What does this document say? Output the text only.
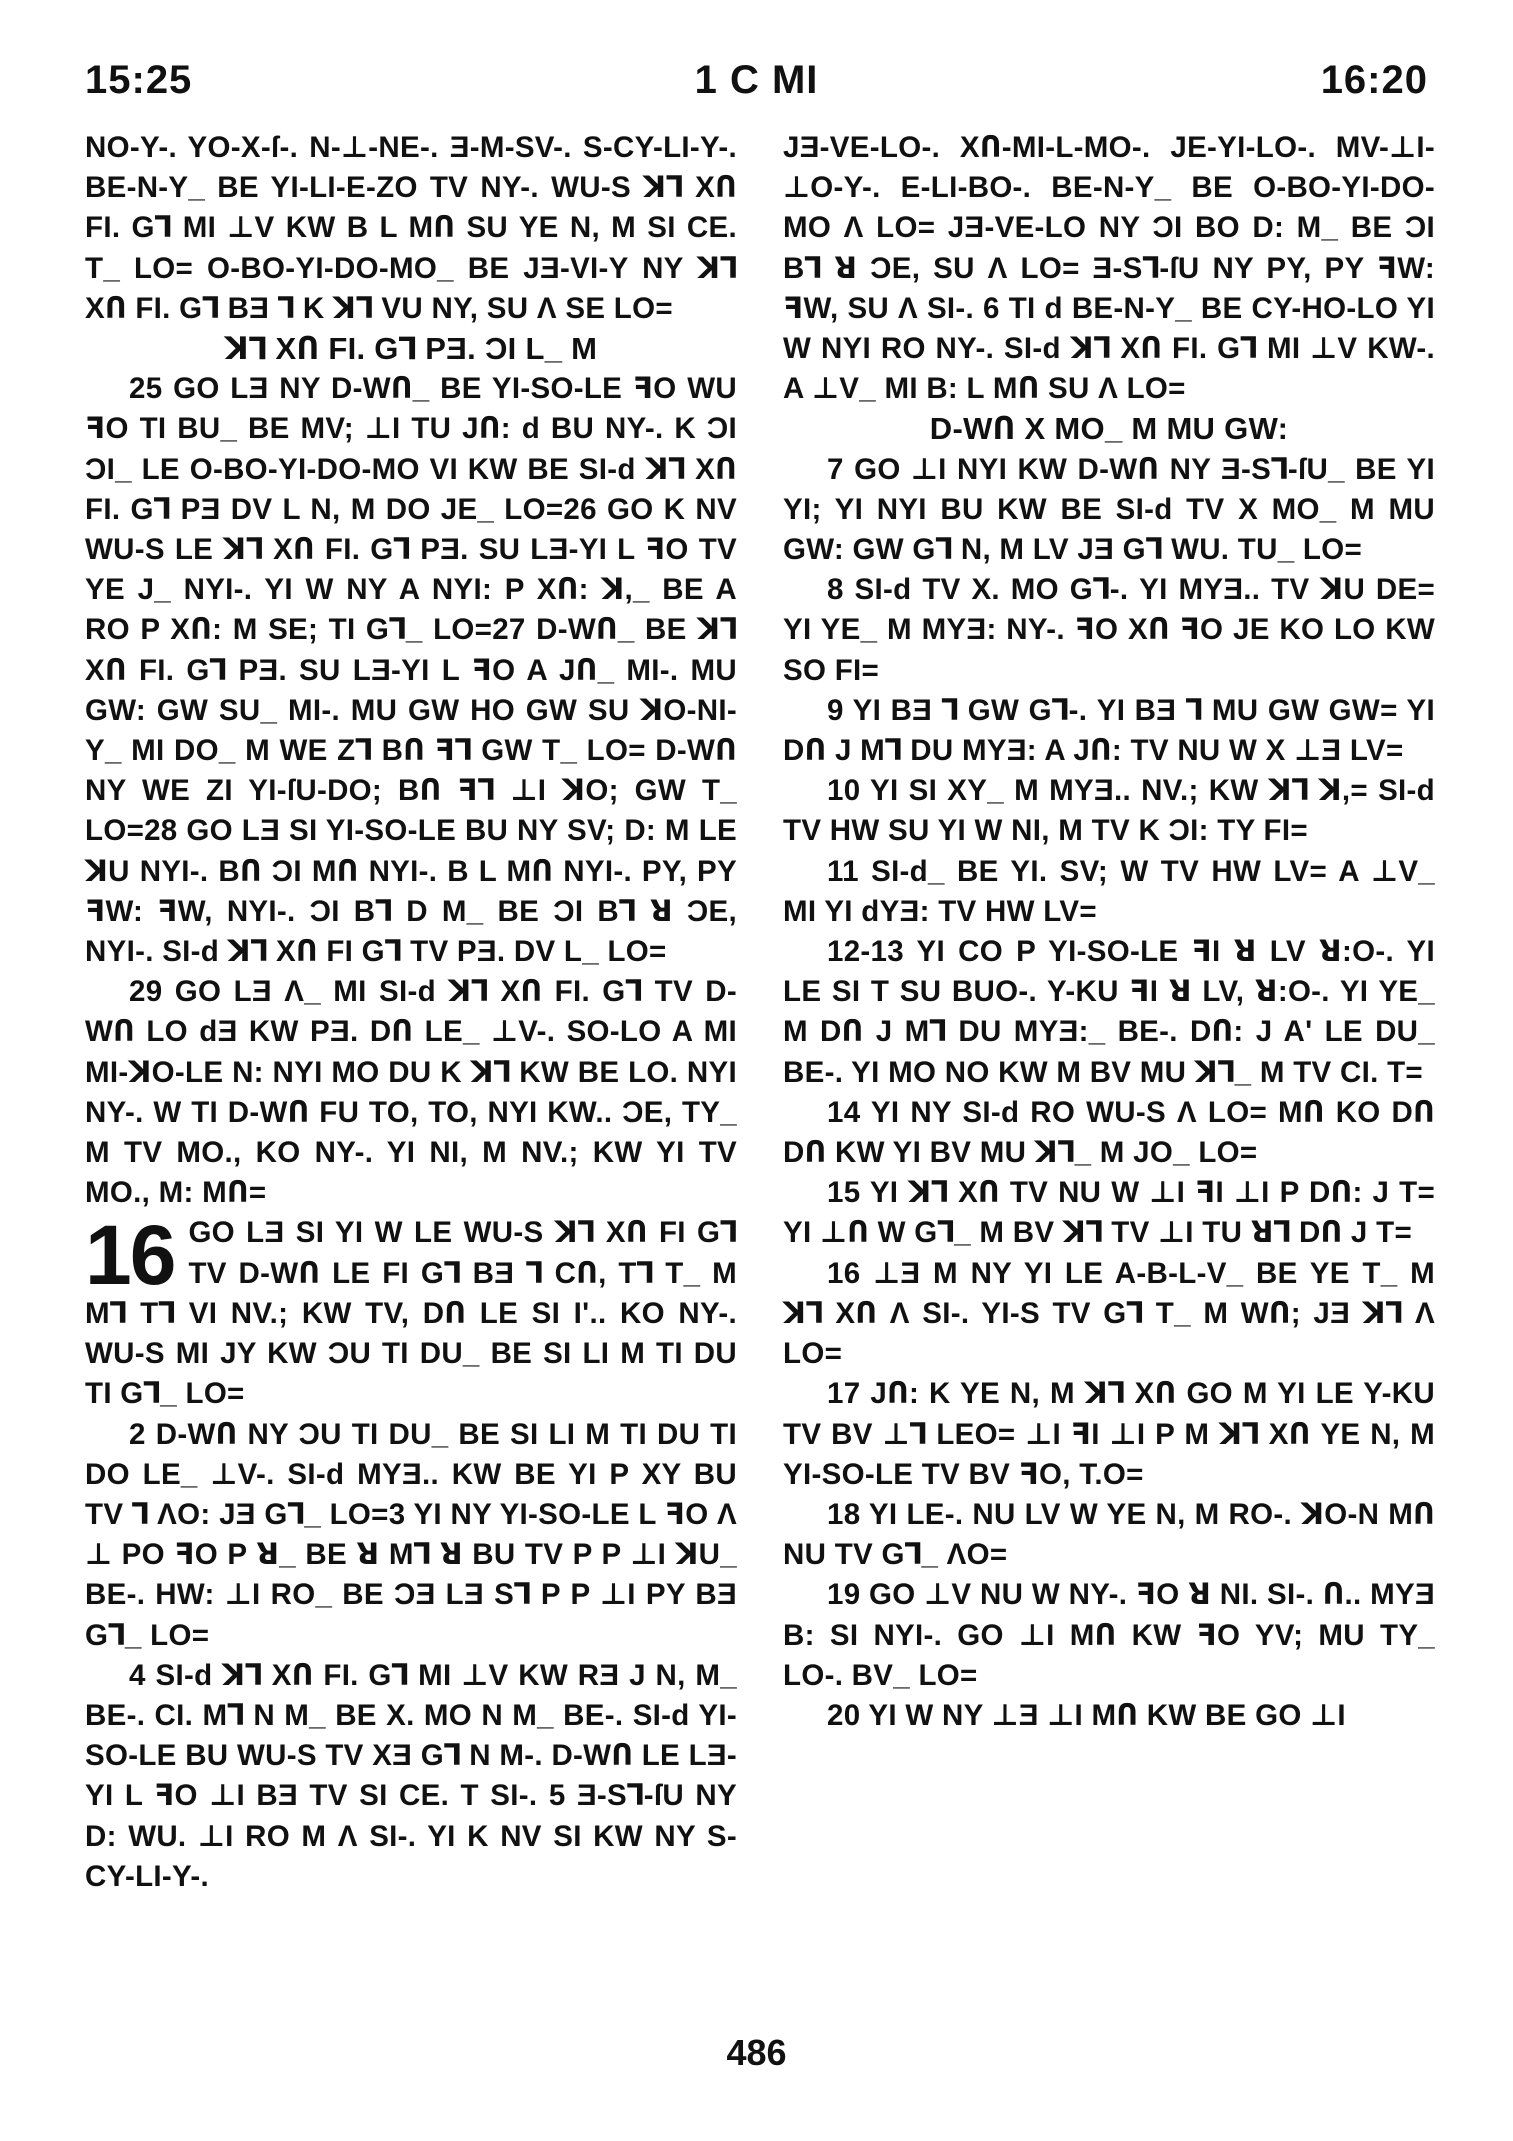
15:25	1 C MI	16:20

NO-Y-. YO-X-ſ-. N-⊥-NE-. Ǝ-M-SV-. S-CY-LI-Y-. BE-N-Y_ BE YI-LI-E-ZO TV NY-. WU-S ꓘꓶ XՈ FI. Gꓶ MI ⊥V KW B L MՈ SU YE N, M SI CE. T_ LO= O-BO-YI-DO-MO_ BE JƎ-VI-Y NY ꓘꓶ XՈ FI. Gꓶ BƎ ꓶ K ꓘꓶ VU NY, SU Λ SE LO=

ꓘꓶ XՈ FI. Gꓶ PƎ. ƆI L_ M

25 GO LƎ NY D-WՈ_ BE YI-SO-LE ꟻO WU ꟻO TI BU_ BE MV; ⊥I TU JՈ: d BU NY-. K ƆI ƆI_ LE O-BO-YI-DO-MO VI KW BE SI-d ꓘꓶ XՈ FI. Gꓶ PƎ DV L N, M DO JE_ LO=26 GO K NV WU-S LE ꓘꓶ XՈ FI. Gꓶ PƎ. SU LƎ-YI L ꟻO TV YE J_ NYI-. YI W NY A NYI: P XՈ: ꓘ,_ BE A RO P XՈ: M SE; TI Gꓶ_ LO=27 D-WՈ_ BE ꓘꓶ XՈ FI. Gꓶ PƎ. SU LƎ-YI L ꟻO A JՈ_ MI-. MU GW: GW SU_ MI-. MU GW HO GW SU ꓘO-NI-Y_ MI DO_ M WE Zꓶ BՈ ꟻꓶ GW T_ LO= D-WՈ NY WE ZI YI-ſU-DO; BՈ ꟻꓶ ⊥I ꓘO; GW T_ LO=28 GO LƎ SI YI-SO-LE BU NY SV; D: M LE ꓘU NYI-. BՈ ƆI MՈ NYI-. B L MՈ NYI-. PY, PY ꟻW: ꟻW, NYI-. ƆI Bꓶ D M_ BE ƆI Bꓶ ꓤ ƆE, NYI-. SI-d ꓘꓶ XՈ FI Gꓶ TV PƎ. DV L_ LO=

29 GO LƎ Λ_ MI SI-d ꓘꓶ XՈ FI. Gꓶ TV D-WՈ LO dƎ KW PƎ. DՈ LE_ ⊥V-. SO-LO A MI MI-ꓘO-LE N: NYI MO DU K ꓘꓶ KW BE LO. NYI NY-. W TI D-WՈ FU TO, TO, NYI KW.. ƆE, TY_ M TV MO., KO NY-. YI NI, M NV.; KW YI TV MO., M: MՈ=

16 GO LƎ SI YI W LE WU-S ꓘꓶ XՈ FI Gꓶ TV D-WՈ LE FI Gꓶ BƎ ꓶ CՈ, Tꓶ T_ M Mꓶ Tꓶ VI NV.; KW TV, DՈ LE SI I'.. KO NY-. WU-S MI JY KW ƆU TI DU_ BE SI LI M TI DU TI Gꓶ_ LO=

2 D-WՈ NY ƆU TI DU_ BE SI LI M TI DU TI DO LE_ ⊥V-. SI-d MYƎ.. KW BE YI P XY BU TV ꓶ ΛO: JƎ Gꓶ_ LO=3 YI NY YI-SO-LE L ꟻO Λ ⊥ PO ꟻO P ꓤ_ BE ꓤ Mꓶ ꓤ BU TV P P ⊥I ꓘU_ BE-. HW: ⊥I RO_ BE ƆƎ LƎ Sꓶ P P ⊥I PY BƎ Gꓶ_ LO=

4 SI-d ꓘꓶ XՈ FI. Gꓶ MI ⊥V KW RƎ J N, M_ BE-. CI. Mꓶ N M_ BE X. MO N M_ BE-. SI-d YI-SO-LE BU WU-S TV XƎ Gꓶ N M-. D-WՈ LE LƎ-YI L ꟻO ⊥I BƎ TV SI CE. T SI-. 5 Ǝ-Sꓶ-ſU NY D: WU. ⊥I RO M Λ SI-. YI K NV SI KW NY S-CY-LI-Y-.

JƎ-VE-LO-. XՈ-MI-L-MO-. JE-YI-LO-. MV-⊥I-⊥O-Y-. E-LI-BO-. BE-N-Y_ BE O-BO-YI-DO-MO Λ LO= JƎ-VE-LO NY ƆI BO D: M_ BE ƆI Bꓶ ꓤ ƆE, SU Λ LO= Ǝ-Sꓶ-ſU NY PY, PY ꟻW: ꟻW, SU Λ SI-. 6 TI d BE-N-Y_ BE CY-HO-LO YI W NYI RO NY-. SI-d ꓘꓶ XՈ FI. Gꓶ MI ⊥V KW-. A ⊥V_ MI B: L MՈ SU Λ LO=

D-WՈ X MO_ M MU GW:

7 GO ⊥I NYI KW D-WՈ NY Ǝ-Sꓶ-ſU_ BE YI YI; YI NYI BU KW BE SI-d TV X MO_ M MU GW: GW Gꓶ N, M LV JƎ Gꓶ WU. TU_ LO=

8 SI-d TV X. MO Gꓶ-. YI MYƎ.. TV ꓘU DE= YI YE_ M MYƎ: NY-. ꟻO XՈ ꟻO JE KO LO KW SO FI=

9 YI BƎ ꓶ GW Gꓶ-. YI BƎ ꓶ MU GW GW= YI DՈ J Mꓶ DU MYƎ: A JՈ: TV NU W X ⊥Ǝ LV=

10 YI SI XY_ M MYƎ.. NV.; KW ꓘꓶ ꓘ,= SI-d TV HW SU YI W NI, M TV K ƆI: TY FI=

11 SI-d_ BE YI. SV; W TV HW LV= A ⊥V_ MI YI dYƎ: TV HW LV=

12-13 YI CO P YI-SO-LE ꟻI ꓤ LV ꓤ:O-. YI LE SI T SU BUO-. Y-KU ꟻI ꓤ LV, ꓤ:O-. YI YE_ M DՈ J Mꓶ DU MYƎ:_ BE-. DՈ: J A' LE DU_ BE-. YI MO NO KW M BV MU ꓘꓶ_ M TV CI. T=

14 YI NY SI-d RO WU-S Λ LO= MՈ KO DՈ DՈ KW YI BV MU ꓘꓶ_ M JO_ LO=

15 YI ꓘꓶ XՈ TV NU W ⊥I ꟻI ⊥I P DՈ: J T= YI ⊥Ո W Gꓶ_ M BV ꓘꓶ TV ⊥I TU ꓤꓶ DՈ J T=

16 ⊥Ǝ M NY YI LE A-B-L-V_ BE YE T_ M ꓘꓶ XՈ Λ SI-. YI-S TV Gꓶ T_ M WՈ; JƎ ꓘꓶ Λ LO=

17 JՈ: K YE N, M ꓘꓶ XՈ GO M YI LE Y-KU TV BV ⊥ꓶ LEO= ⊥I ꟻI ⊥I P M ꓘꓶ XՈ YE N, M YI-SO-LE TV BV ꟻO, T.O=

18 YI LE-. NU LV W YE N, M RO-. ꓘO-N MՈ NU TV Gꓶ_ ΛO=

19 GO ⊥V NU W NY-. ꟻO ꓤ NI. SI-. Ո.. MYƎ B: SI NYI-. GO ⊥I MՈ KW ꟻO YV; MU TY_ LO-. BV_ LO=

20 YI W NY ⊥Ǝ ⊥I MՈ KW BE GO ⊥I

486
